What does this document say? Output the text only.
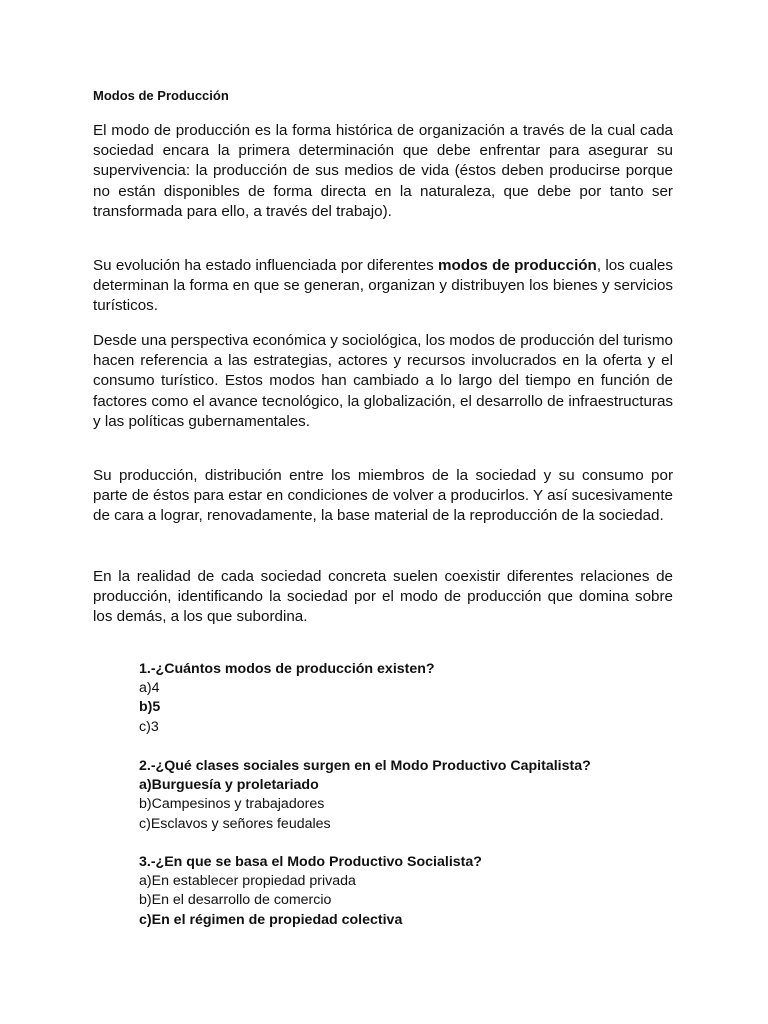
Modos de Producción

El modo de producción es la forma histórica de organización a través de la cual cada sociedad encara la primera determinación que debe enfrentar para asegurar su supervivencia: la producción de sus medios de vida (éstos deben producirse porque no están disponibles de forma directa en la naturaleza, que debe por tanto ser transformada para ello, a través del trabajo).

Su evolución ha estado influenciada por diferentes modos de producción, los cuales determinan la forma en que se generan, organizan y distribuyen los bienes y servicios turísticos.

Desde una perspectiva económica y sociológica, los modos de producción del turismo hacen referencia a las estrategias, actores y recursos involucrados en la oferta y el consumo turístico. Estos modos han cambiado a lo largo del tiempo en función de factores como el avance tecnológico, la globalización, el desarrollo de infraestructuras y las políticas gubernamentales.

Su producción, distribución entre los miembros de la sociedad y su consumo por parte de éstos para estar en condiciones de volver a producirlos. Y así sucesivamente de cara a lograr, renovadamente, la base material de la reproducción de la sociedad.

En la realidad de cada sociedad concreta suelen coexistir diferentes relaciones de producción, identificando la sociedad por el modo de producción que domina sobre los demás, a los que subordina.

1.-¿Cuántos modos de producción existen?
a)4
b)5
c)3
2.-¿Qué clases sociales surgen en el Modo Productivo Capitalista?
a)Burguesía y proletariado
b)Campesinos y trabajadores
c)Esclavos y señores feudales
3.-¿En que se basa el Modo Productivo Socialista?
a)En establecer propiedad privada
b)En el desarrollo de comercio
c)En el régimen de propiedad colectiva
